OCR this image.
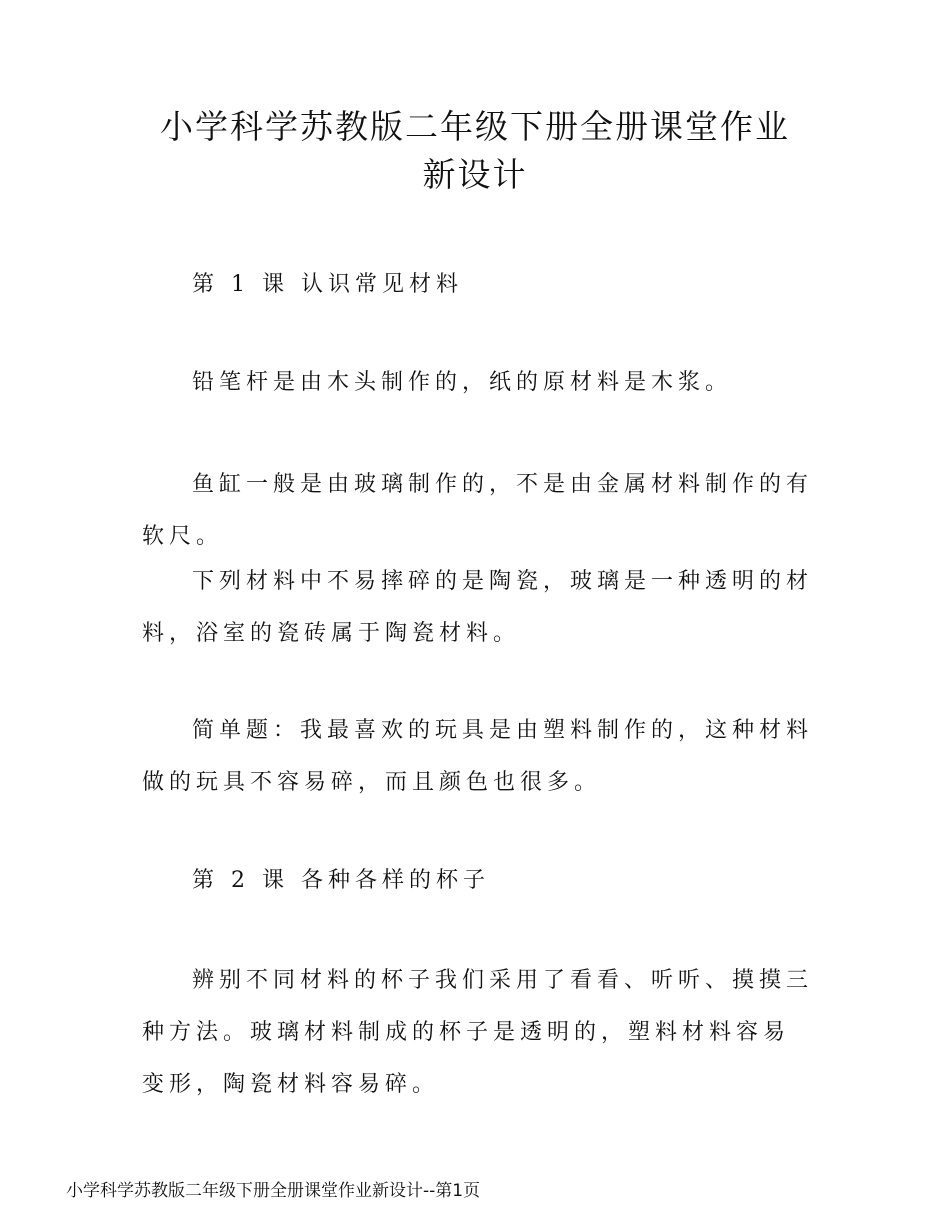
小学科学苏教版二年级下册全册课堂作业
新设计

第 1 课 认识常见材料

铅笔杆是由木头制作的，纸的原材料是木浆。

鱼缸一般是由玻璃制作的，不是由金属材料制作的有软尺。

下列材料中不易摔碎的是陶瓷，玻璃是一种透明的材料，浴室的瓷砖属于陶瓷材料。

简单题：我最喜欢的玩具是由塑料制作的，这种材料做的玩具不容易碎，而且颜色也很多。

第 2 课 各种各样的杯子

辨别不同材料的杯子我们采用了看看、听听、摸摸三种方法。玻璃材料制成的杯子是透明的，塑料材料容易变形，陶瓷材料容易碎。

小学科学苏教版二年级下册全册课堂作业新设计--第1页
